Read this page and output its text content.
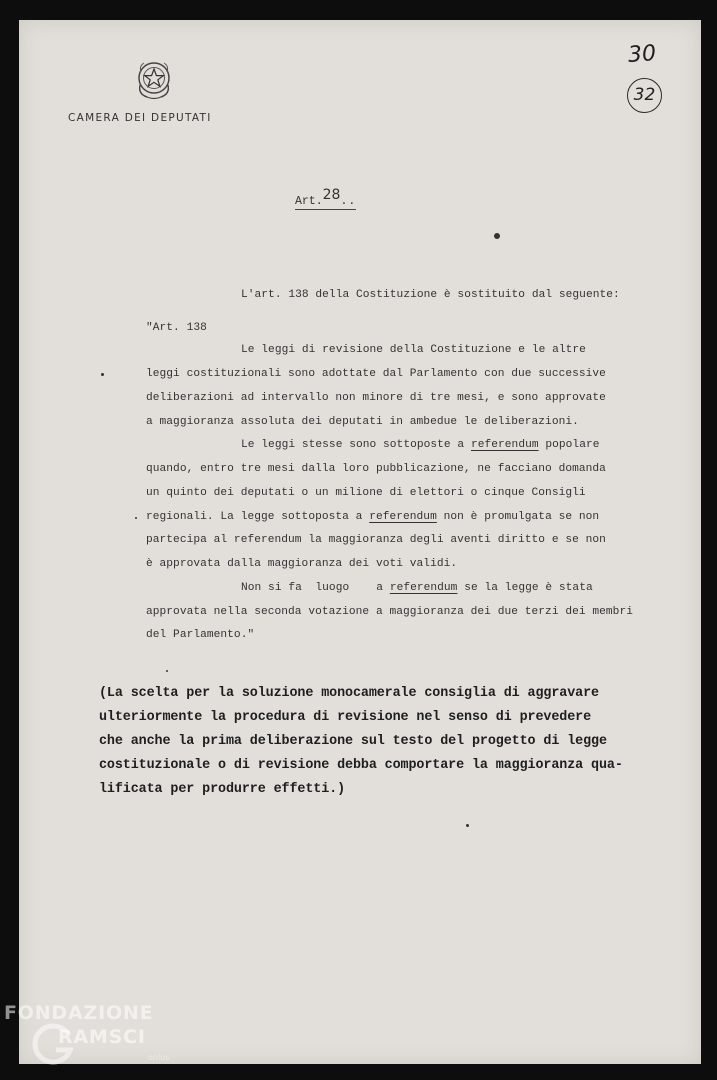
CAMERA DEI DEPUTATI
30
32
Art.28..
L'art. 138 della Costituzione è sostituito dal seguente:
"Art. 138
Le leggi di revisione della Costituzione e le altre
leggi costituzionali sono adottate dal Parlamento con due successive
deliberazioni ad intervallo non minore di tre mesi, e sono approvate
a maggioranza assoluta dei deputati in ambedue le deliberazioni.
Le leggi stesse sono sottoposte a referendum popolare
quando, entro tre mesi dalla loro pubblicazione, ne facciano domanda
un quinto dei deputati o un milione di elettori o cinque Consigli
regionali. La legge sottoposta a referendum non è promulgata se non
partecipa al referendum la maggioranza degli aventi diritto e se non
è approvata dalla maggioranza dei voti validi.
Non si fa  luogo    a referendum se la legge è stata
approvata nella seconda votazione a maggioranza dei due terzi dei membri
del Parlamento."
(La scelta per la soluzione monocamerale consiglia di aggravare
ulteriormente la procedura di revisione nel senso di prevedere
che anche la prima deliberazione sul testo del progetto di legge
costituzionale o di revisione debba comportare la maggioranza qua-
lificata per produrre effetti.)
FONDAZIONE
RAMSCI
onlus
